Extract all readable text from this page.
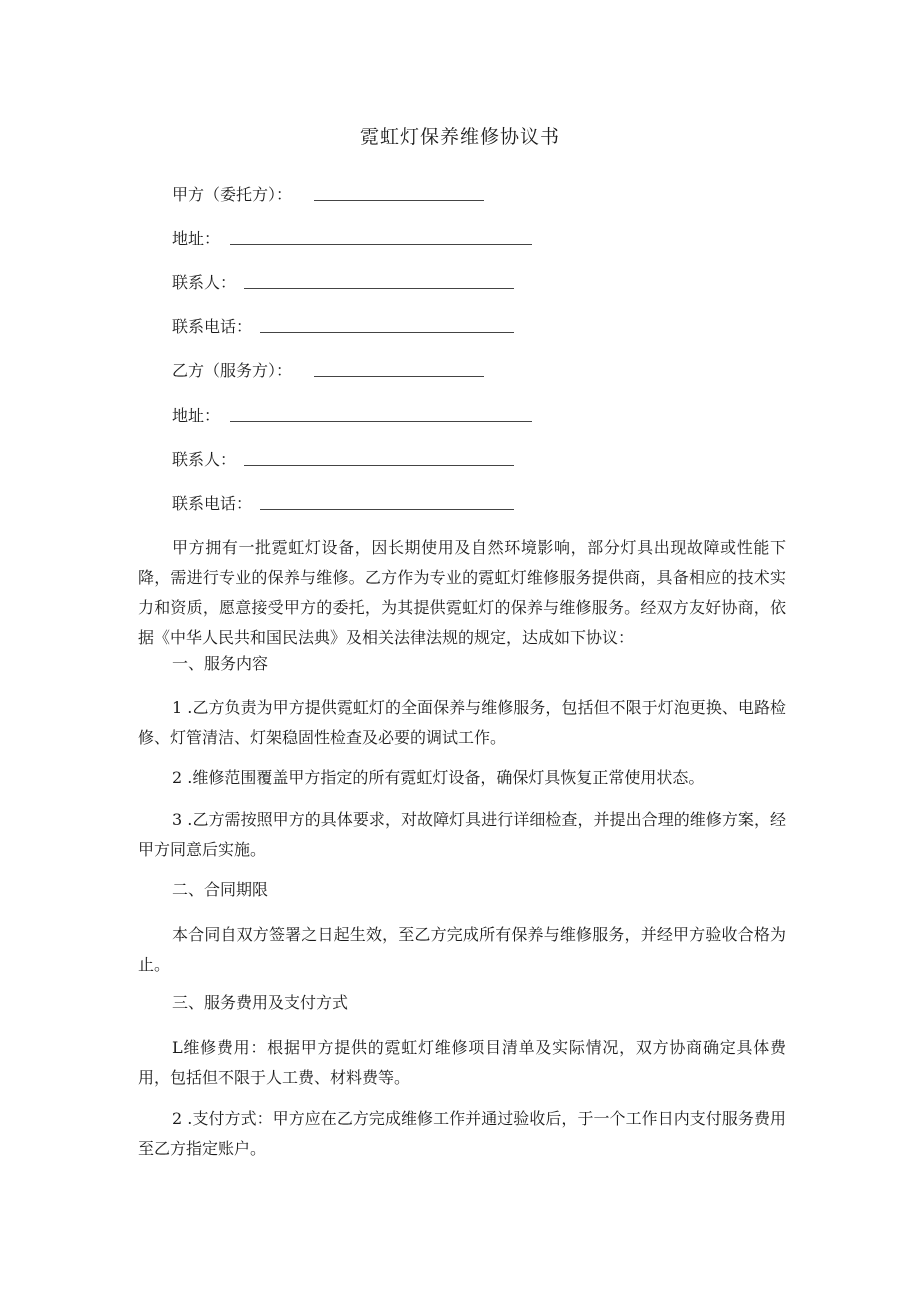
霓虹灯保养维修协议书
甲方（委托方）：
地址：
联系人：
联系电话：
乙方（服务方）：
地址：
联系人：
联系电话：

甲方拥有一批霓虹灯设备，因长期使用及自然环境影响，部分灯具出现故障或性能下降，需进行专业的保养与维修。乙方作为专业的霓虹灯维修服务提供商，具备相应的技术实力和资质，愿意接受甲方的委托，为其提供霓虹灯的保养与维修服务。经双方友好协商，依据《中华人民共和国民法典》及相关法律法规的规定，达成如下协议：

一、服务内容

1 .乙方负责为甲方提供霓虹灯的全面保养与维修服务，包括但不限于灯泡更换、电路检修、灯管清洁、灯架稳固性检查及必要的调试工作。

2 .维修范围覆盖甲方指定的所有霓虹灯设备，确保灯具恢复正常使用状态。

3 .乙方需按照甲方的具体要求，对故障灯具进行详细检查，并提出合理的维修方案，经甲方同意后实施。

二、合同期限

本合同自双方签署之日起生效，至乙方完成所有保养与维修服务，并经甲方验收合格为止。

三、服务费用及支付方式

L维修费用：根据甲方提供的霓虹灯维修项目清单及实际情况，双方协商确定具体费用，包括但不限于人工费、材料费等。

2 .支付方式：甲方应在乙方完成维修工作并通过验收后，于一个工作日内支付服务费用至乙方指定账户。
